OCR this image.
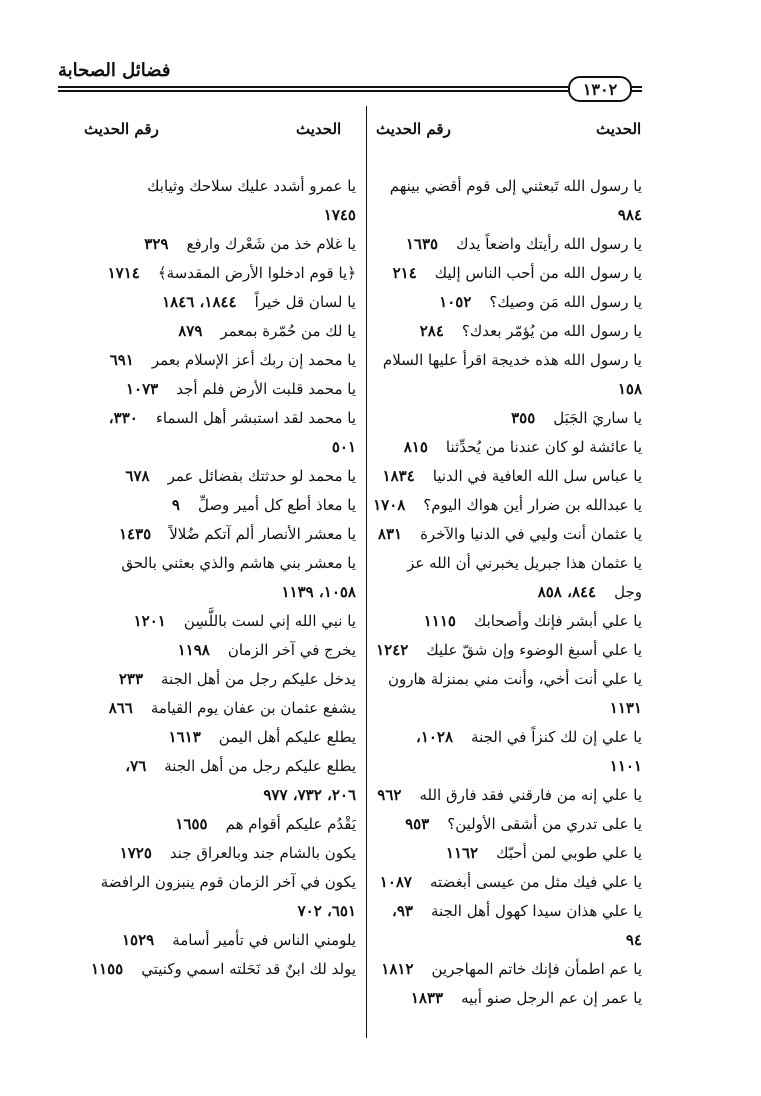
فضائل الصحابة
١٣٠٢
الحديث
رقم الحديث
الحديث
رقم الحديث
يا رسول الله تَبعثني إلى قوم أقضي بينهم
٩٨٤
يا رسول الله رأيتك واضعاً يدك١٦٣٥
يا رسول الله من أحب الناس إليك٢١٤
يا رسول الله مَن وصيك؟١٠٥٢
يا رسول الله من يُؤمّر بعدك؟٢٨٤
يا رسول الله هذه خديجة اقرأ عليها السلام
١٥٨
يا ساريَ الجَبَل٣٥٥
يا عائشة لو كان عندنا من يُحدِّثنا٨١٥
يا عباس سل الله العافية في الدنيا١٨٣٤
يا عبدالله بن ضرار أين هواك اليوم؟١٧٠٨
يا عثمان أنت وليي في الدنيا والآخرة٨٣١
يا عثمان هذا جبريل يخبرني أن الله عز
وجل٨٤٤، ٨٥٨
يا علي أبشر فإنك وأصحابك١١١٥
يا علي أسبغ الوضوء وإن شقّ عليك١٢٤٢
يا علي أنت أخي، وأنت مني بمنزلة هارون
١١٣١
يا علي إن لك كنزاً في الجنة١٠٢٨،
١١٠١
يا علي إنه من فارقني فقد فارق الله٩٦٢
يا على تدري من أشقى الأولين؟٩٥٣
يا علي طوبي لمن أحبّك١١٦٢
يا علي فيك مثل من عيسى أبغضته١٠٨٧
يا علي هذان سيدا كهول أهل الجنة٩٣،
٩٤
يا عم اطمأن فإنك خاتم المهاجرين١٨١٢
يا عمر إن عم الرجل صنو أبيه١٨٣٣
يا عمرو أشدد عليك سلاحك وثيابك
١٧٤٥
يا غلام خذ من شَعْرك وارفع٣٢٩
﴿يا قوم ادخلوا الأرض المقدسة﴾١٧١٤
يا لسان قل خيراً١٨٤٤، ١٨٤٦
يا لك من حُمّرة بمعمر٨٧٩
يا محمد إن ربك أعز الإسلام بعمر٦٩١
يا محمد قلبت الأرض فلم أجد١٠٧٣
يا محمد لقد استبشر أهل السماء٣٣٠،
٥٠١
يا محمد لو حدثتك بفضائل عمر٦٧٨
يا معاذ أطع كل أمير وصلِّ٩
يا معشر الأنصار ألم آتكم ضُلالاً١٤٣٥
يا معشر بني هاشم والذي بعثني بالحق
١٠٥٨، ١١٣٩
يا نبي الله إني لست باللَّسِن١٢٠١
يخرج في آخر الزمان١١٩٨
يدخل عليكم رجل من أهل الجنة٢٣٣
يشفع عثمان بن عفان يوم القيامة٨٦٦
يطلع عليكم أهل اليمن١٦١٣
يطلع عليكم رجل من أهل الجنة٧٦،
٢٠٦، ٧٣٢، ٩٧٧
يَقْدُم عليكم أقوام هم١٦٥٥
يكون بالشام جند وبالعراق جند١٧٢٥
يكون في آخر الزمان قوم ينبزون الرافضة
٦٥١، ٧٠٢
يلومني الناس في تأمير أسامة١٥٢٩
يولد لك ابنٌ قد نَحَلته اسمي وكنيتي١١٥٥
